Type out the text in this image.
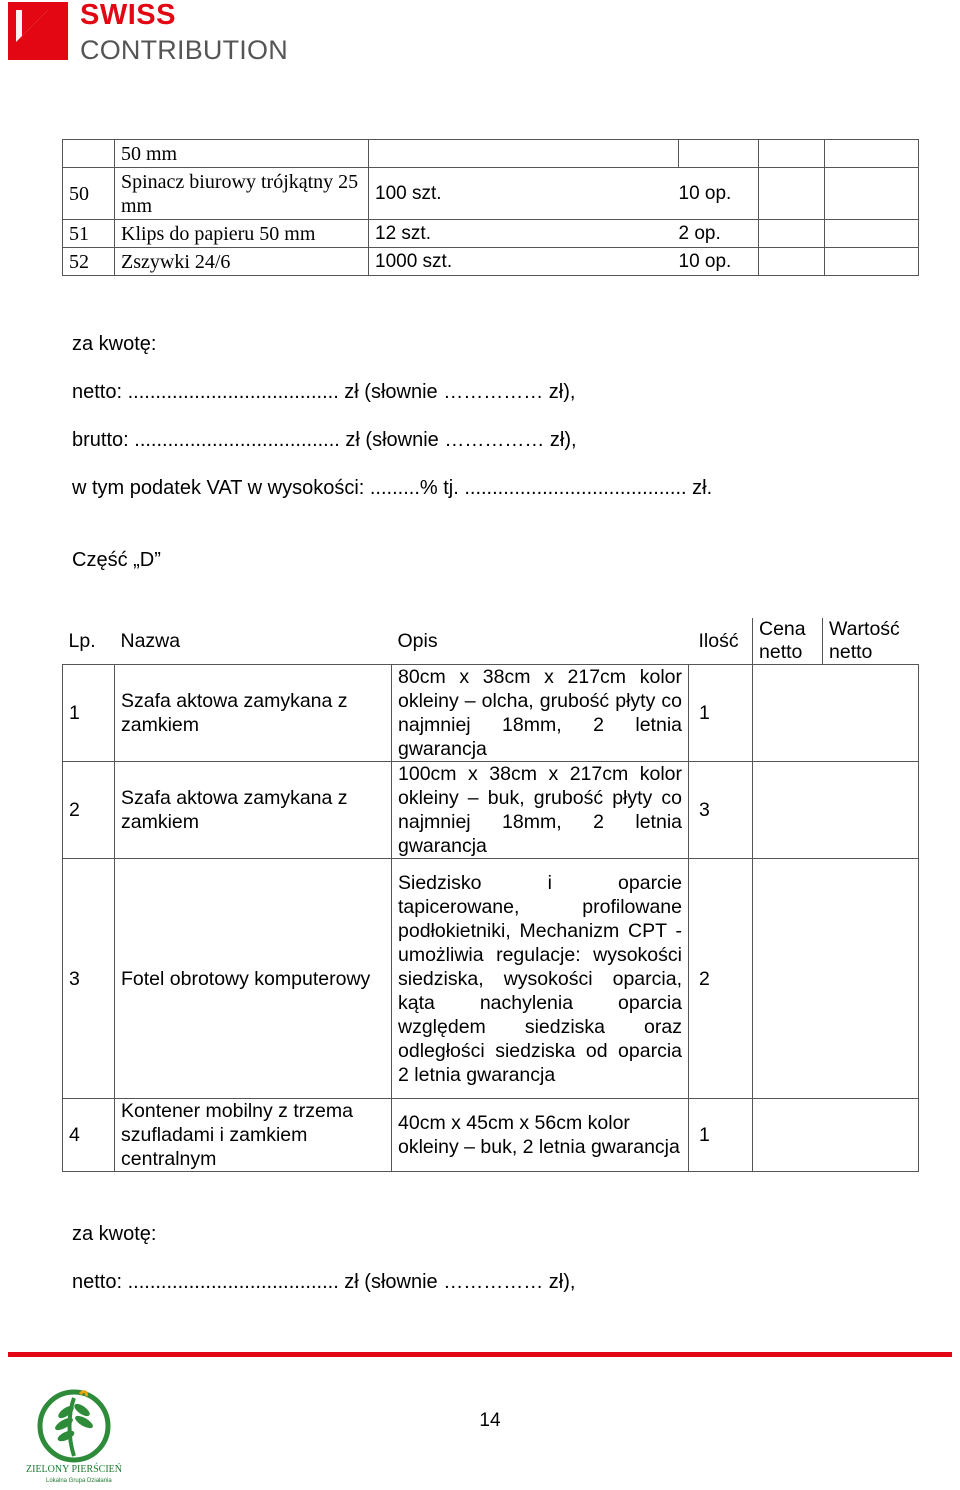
SWISS
CONTRIBUTION
	50 mm	

50	Spinacz biurowy trójkątny 25 mm	100 szt.	10 op.		
51	Klips do papieru 50 mm	12 szt.	2 op.		
52	Zszywki 24/6	1000 szt.	10 op.		
za kwotę:
netto: ...................................... zł (słownie …………… zł),
brutto: ..................................... zł (słownie …………… zł),
w tym podatek VAT w wysokości: .........% tj. ........................................ zł.
Część „D”
Lp.	Nazwa	Opis	Ilość	Cena netto	Wartość netto
1	Szafa aktowa zamykana z zamkiem	80cm x 38cm x 217cm kolor okleiny – olcha, grubość płyty co najmniej 18mm, 2 letnia gwarancja	1		
2	Szafa aktowa zamykana z zamkiem	100cm x 38cm x 217cm kolor okleiny – buk, grubość płyty co najmniej 18mm, 2 letnia gwarancja	3		
3	Fotel obrotowy komputerowy	Siedzisko i oparcie tapicerowane, profilowane podłokietniki, Mechanizm CPT - umożliwia regulacje: wysokości siedziska, wysokości oparcia, kąta nachylenia oparcia względem siedziska oraz odległości siedziska od oparcia 2 letnia gwarancja	2		
4	Kontener mobilny z trzema szufladami i zamkiem centralnym	40cm x 45cm x 56cm kolor okleiny – buk, 2 letnia gwarancja	1		
za kwotę:
netto: ...................................... zł (słownie …………… zł),
ZIELONY PIERŚCIEŃ
Lokalna Grupa Działania
14
